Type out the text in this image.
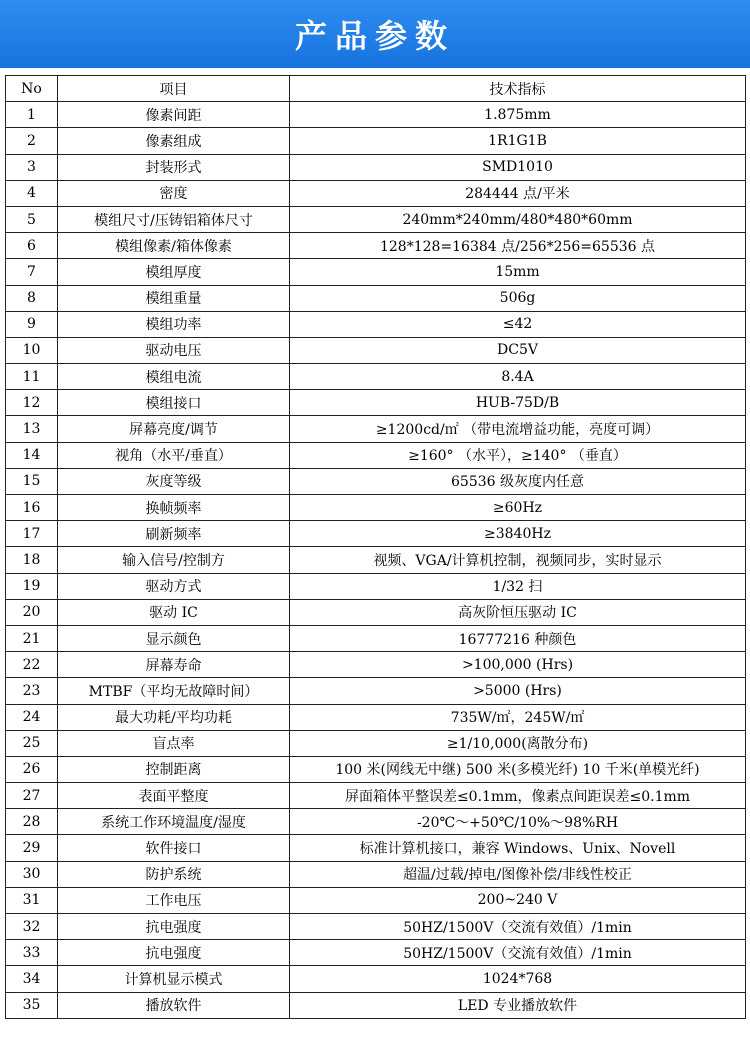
产品参数
No	项目	技术指标
1	像素间距	1.875mm
2	像素组成	1R1G1B
3	封装形式	SMD1010
4	密度	284444 点/平米
5	模组尺寸/压铸铝箱体尺寸	240mm*240mm/480*480*60mm
6	模组像素/箱体像素	128*128=16384 点/256*256=65536 点
7	模组厚度	15mm
8	模组重量	506g
9	模组功率	≤42
10	驱动电压	DC5V
11	模组电流	8.4A
12	模组接口	HUB-75D/B
13	屏幕亮度/调节	≥1200cd/㎡ （带电流增益功能，亮度可调）
14	视角（水平/垂直）	≥160° （水平），≥140° （垂直）
15	灰度等级	65536 级灰度内任意
16	换帧频率	≥60Hz
17	刷新频率	≥3840Hz
18	输入信号/控制方	视频、VGA/计算机控制，视频同步，实时显示
19	驱动方式	1/32 扫
20	驱动 IC	高灰阶恒压驱动 IC
21	显示颜色	16777216 种颜色
22	屏幕寿命	>100,000 (Hrs)
23	MTBF（平均无故障时间）	>5000 (Hrs)
24	最大功耗/平均功耗	735W/㎡，245W/㎡
25	盲点率	≥1/10,000(离散分布)
26	控制距离	100 米(网线无中继) 500 米(多模光纤) 10 千米(单模光纤)
27	表面平整度	屏面箱体平整误差≤0.1mm，像素点间距误差≤0.1mm
28	系统工作环境温度/湿度	-20℃～+50℃/10%～98%RH
29	软件接口	标准计算机接口，兼容 Windows、Unix、Novell
30	防护系统	超温/过载/掉电/图像补偿/非线性校正
31	工作电压	200~240 V
32	抗电强度	50HZ/1500V（交流有效值）/1min
33	抗电强度	50HZ/1500V（交流有效值）/1min
34	计算机显示模式	1024*768
35	播放软件	LED 专业播放软件
